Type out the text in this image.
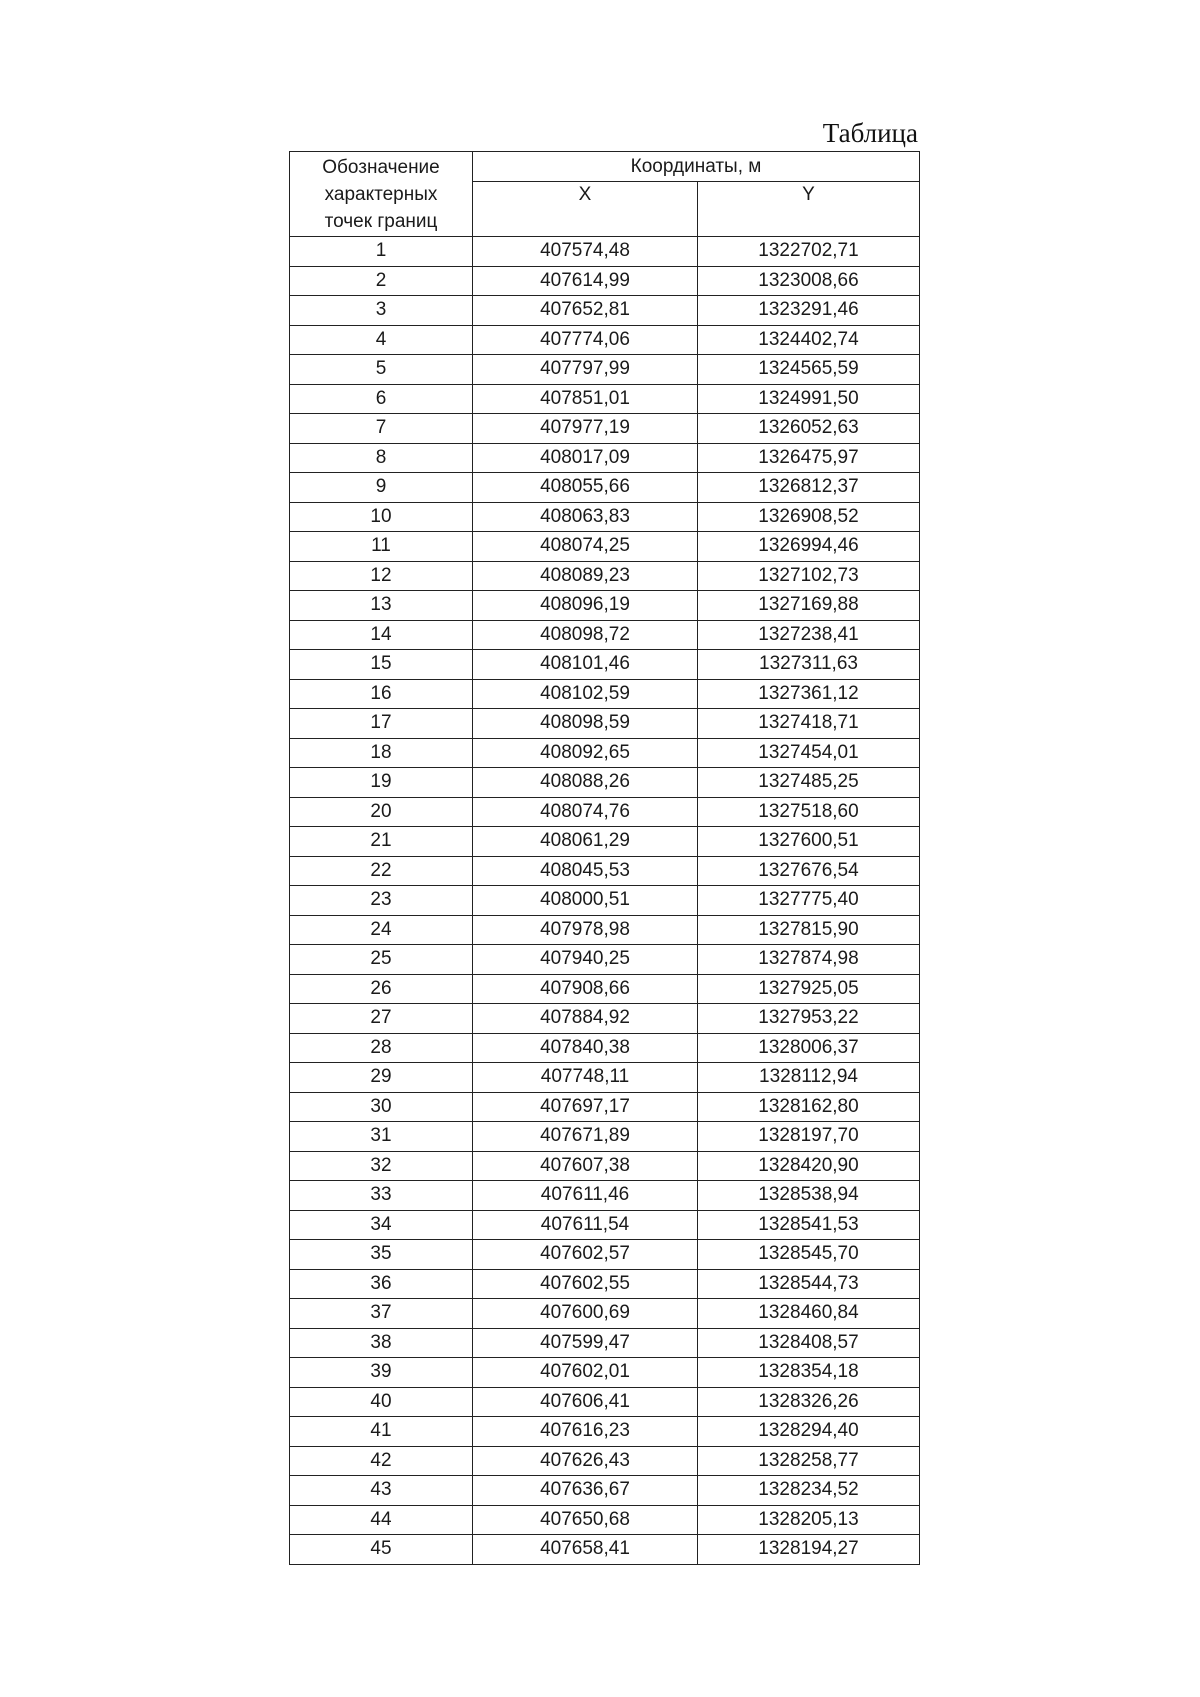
Таблица
Обозначение
характерных
точек границ	Координаты, м	
	X	Y
1	407574,48	1322702,71
2	407614,99	1323008,66
3	407652,81	1323291,46
4	407774,06	1324402,74
5	407797,99	1324565,59
6	407851,01	1324991,50
7	407977,19	1326052,63
8	408017,09	1326475,97
9	408055,66	1326812,37
10	408063,83	1326908,52
11	408074,25	1326994,46
12	408089,23	1327102,73
13	408096,19	1327169,88
14	408098,72	1327238,41
15	408101,46	1327311,63
16	408102,59	1327361,12
17	408098,59	1327418,71
18	408092,65	1327454,01
19	408088,26	1327485,25
20	408074,76	1327518,60
21	408061,29	1327600,51
22	408045,53	1327676,54
23	408000,51	1327775,40
24	407978,98	1327815,90
25	407940,25	1327874,98
26	407908,66	1327925,05
27	407884,92	1327953,22
28	407840,38	1328006,37
29	407748,11	1328112,94
30	407697,17	1328162,80
31	407671,89	1328197,70
32	407607,38	1328420,90
33	407611,46	1328538,94
34	407611,54	1328541,53
35	407602,57	1328545,70
36	407602,55	1328544,73
37	407600,69	1328460,84
38	407599,47	1328408,57
39	407602,01	1328354,18
40	407606,41	1328326,26
41	407616,23	1328294,40
42	407626,43	1328258,77
43	407636,67	1328234,52
44	407650,68	1328205,13
45	407658,41	1328194,27
